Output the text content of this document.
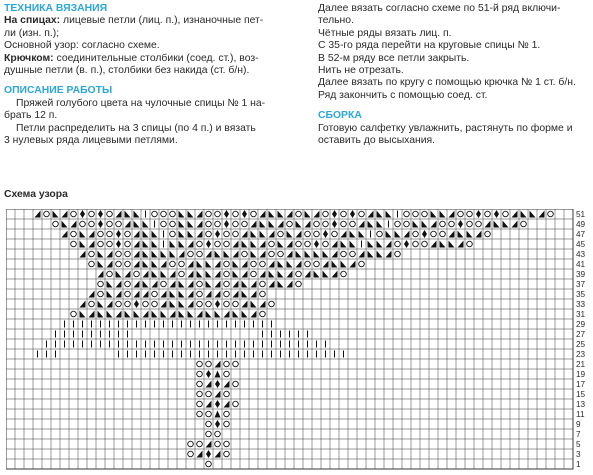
ТЕХНИКА ВЯЗАНИЯ

На спицах: лицевые петли (лиц. п.), изнаночные пет-

ли (изн. п.);

Основной узор: согласно схеме.

Крючком: соединительные столбики (соед. ст.), воз-

душные петли (в. п.), столбики без накида (ст. б/н).

ОПИСАНИЕ РАБОТЫ

Пряжей голубого цвета на чулочные спицы № 1 на-

брать 12 п.

Петли распределить на 3 спицы (по 4 п.) и вязать

3 нулевых ряда лицевыми петлями.

Далее вязать согласно схеме по 51-й ряд включи-

тельно.

Чётные ряды вязать лиц. п.

С 35-го ряда перейти на круговые спицы № 1.

В 52-м ряду все петли закрыть.

Нить не отрезать.

Далее вязать по кругу с помощью крючка № 1 ст. б/н.

Ряд закончить с помощью соед. ст.

СБОРКА

Готовую салфетку увлажнить, растянуть по форме и

оставить до высыхания.

Схема узора
51
49
47
45
43
41
39
37
35
33
31
29
27
25
23
21
19
17
15
13
11
9
7
5
3
1
